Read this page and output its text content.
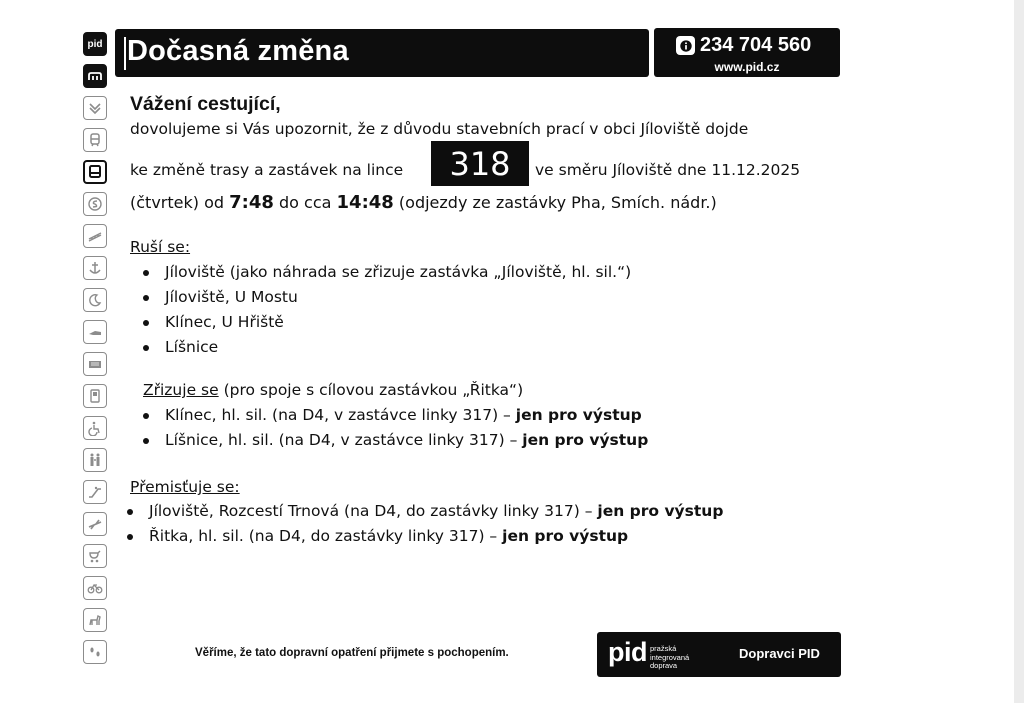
pid Dočasná změna	234 704 560
www.pid.cz
Vážení cestující,
dovolujeme si Vás upozornit, že z důvodu stavebních prací v obci Jíloviště dojde
ke změně trasy a zastávek na lince	318	ve směru Jíloviště dne 11.12.2025
(čtvrtek) od 7:48 do cca 14:48 (odjezdy ze zastávky Pha, Smích. nádr.)
Ruší se:
Jíloviště (jako náhrada se zřizuje zastávka „Jíloviště, hl. sil.“)
Jíloviště, U Mostu
Klínec, U Hřiště
Líšnice
Zřizuje se (pro spoje s cílovou zastávkou „Řitka“)
Klínec, hl. sil. (na D4, v zastávce linky 317) – jen pro výstup
Líšnice, hl. sil. (na D4, v zastávce linky 317) – jen pro výstup
Přemisťuje se:
Jíloviště, Rozcestí Trnová (na D4, do zastávky linky 317) – jen pro výstup
Řitka, hl. sil. (na D4, do zastávky linky 317) – jen pro výstup
Věříme, že tato dopravní opatření přijmete s pochopením.	pid pražská integrovaná
doprava
Dopravci PID
